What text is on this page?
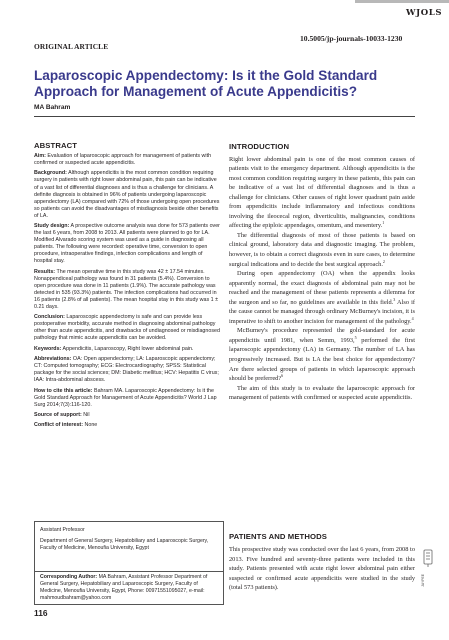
WJOLS
10.5005/jp-journals-10033-1230
ORIGINAL ARTICLE
Laparoscopic Appendectomy: Is it the Gold Standard Approach for Management of Acute Appendicitis?
MA Bahram
ABSTRACT

Aim: Evaluation of laparoscopic approach for management of patients with confirmed or suspected acute appendicitis.

Background: Although appendicitis is the most common condition requiring surgery in patients with right lower abdominal pain, this pain can be indicative of a vast list of differential diagnoses and is thus a challenge for clinicians. A definite diagnosis is obtained in 96% of patients undergoing laparoscopic appendectomy (LA) compared with 72% of those undergoing open procedures so patients can avoid the disadvantages of misdiagnosis beside other benefits of LA.

Study design: A prospective outcome analysis was done for 573 patients over the last 6 years, from 2008 to 2013. All patients were planned to go for LA. Modified Alvarado scoring system was used as a guide in diagnosing all patients. The following were recorded: operative time, conversion to open procedure, intraoperative findings, infection complications and length of hospital stay.

Results: The mean operative time in this study was 42 ± 17.54 minutes. Nonappendiceal pathology was found in 31 patients (5.4%). Conversion to open procedure was done in 11 patients (1.9%). The accurate pathology was detected in 535 (93.3%) patients. The infection complications had occurred in 16 patients (2.8% of all patients). The mean hospital stay in this study was 1 ± 0.21 days.

Conclusion: Laparoscopic appendectomy is safe and can provide less postoperative morbidity, accurate method in diagnosing abdominal pathology other than acute appendicitis, and drawbacks of undiagnosed or misdiagnosed pathology that mimic acute appendicitis can be avoided.

Keywords: Appendicitis, Laparoscopy, Right lower abdominal pain.

Abbreviations: OA: Open appendectomy; LA: Laparoscopic appendectomy; CT: Computed tomography; ECG: Electrocardiography; SPSS: Statistical package for the social sciences; DM: Diabetic mellitus; HCV: Hepatitis C virus; IAA: Intra-abdominal abscess.

How to cite this article: Bahram MA. Laparoscopic Appendectomy: Is it the Gold Standard Approach for Management of Acute Appendicitis? World J Lap Surg 2014;7(3):116-120.

Source of support: Nil

Conflict of interest: None

Assistant Professor

Department of General Surgery, Hepatobiliary and Laparoscopic Surgery, Faculty of Medicine, Menoufia University, Egypt

Corresponding Author: MA Bahram, Assistant Professor Department of General Surgery, Hepatobiliary and Laparoscopic Surgery, Faculty of Medicine, Menoufia University, Egypt, Phone: 00971551095027, e-mail: mahmoudbahram@yahoo.com
116
INTRODUCTION

Right lower abdominal pain is one of the most common causes of patients visit to the emergency department. Although appendicitis is the most common condition requiring surgery in these patients, this pain can be indicative of a vast list of differential diagnoses and is thus a challenge for clinicians. Other causes of right lower quadrant pain aside from appendicitis include inflammatory and infectious conditions involving the ileocecal region, diverticulitis, malignancies, conditions affecting the epiploic appendages, omentum, and mesentery.$^1$

The differential diagnosis of most of those patients is based on clinical ground, laboratory data and diagnostic imaging. The problem, however, is to obtain a correct diagnosis even in sure cases, to determine surgical indications and to decide the best surgical approach.$^2$

During open appendectomy (OA) when the appendix looks apparently normal, the exact diagnosis of abdominal pain may not be reached and the management of these patients represents a dilemma for the surgeon and so far, no guidelines are available in this field.$^3$ Also if the cause cannot be managed through ordinary McBurney's incision, it is imperative to shift to another incision for management of the pathology.$^4$

McBurney's procedure represented the gold-standard for acute appendicitis until 1981, when Semm, 1993,$^5$ performed the first laparoscopic appendectomy (LA) in Germany. The number of LA has progressively increased. But is LA the best choice for appendectomy? Are there selected groups of patients in which laparoscopic approach should be preferred?$^6$

The aim of this study is to evaluate the laparoscopic approach for management of patients with confirmed or suspected acute appendicitis.

PATIENTS AND METHODS
This prospective study was conducted over the last 6 years, from 2008 to 2013. Five hundred and seventy-three patients were included in this study. Patients presented with acute right lower abdominal pain either suspected or confirmed acute appendicitis were studied in the study (total 573 patients).
JAYPEE
